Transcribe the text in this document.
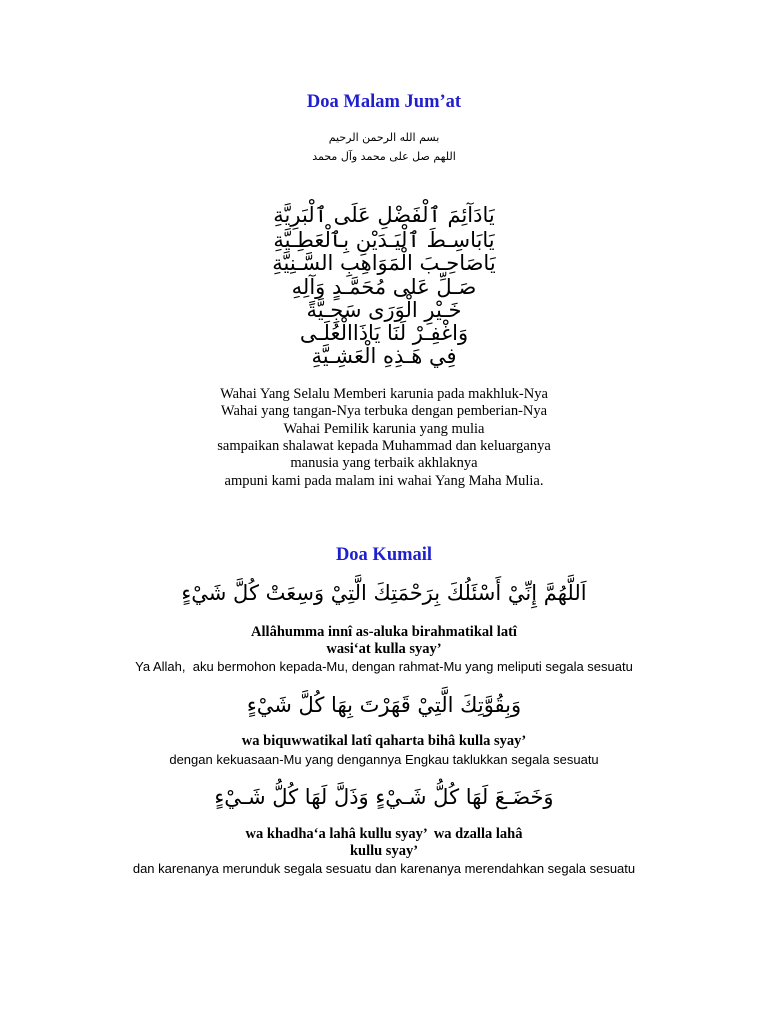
Doa Malam Jum’at

بسم الله الرحمن الرحيم

اللهم صل على محمد وآل محمد

يَادَآئِمَ ٱلْفَضْلِ عَلَى ٱلْبَرِيَّةِ

يَابَاسِـطَ ٱلْيَـدَيْنِ بِٱلْعَطِـيَّةِ

يَاصَاحِـبَ الْمَوَاهِبِ السَّـنِيَّةِ

صَـلِّ عَلى مُحَمَّـدٍ وَآلِهِ

خَـيْرِ الْوَرَى سَجِـيَّةً

وَاغْفِـرْ لَنَا يَاذَاالْعُلَـى

فِي هَـذِهِ الْعَشِـيَّةِ

Wahai Yang Selalu Memberi karunia pada makhluk-Nya

Wahai yang tangan-Nya terbuka dengan pemberian-Nya

Wahai Pemilik karunia yang mulia

sampaikan shalawat kepada Muhammad dan keluarganya

manusia yang terbaik akhlaknya

ampuni kami pada malam ini wahai Yang Maha Mulia.

Doa Kumail

اَللَّهُمَّ إِنِّيْ أَسْئَلُكَ بِرَحْمَتِكَ الَّتِيْ وَسِعَتْ كُلَّ شَيْءٍ

Allâhumma innî as-aluka birahmatikal latî

wasi‘at kulla syay’

Ya Allah,  aku bermohon kepada-Mu, dengan rahmat-Mu yang meliputi segala sesuatu

وَبِقُوَّتِكَ الَّتِيْ قَهَرْتَ بِهَا كُلَّ شَيْءٍ

wa biquwwatikal latî qaharta bihâ kulla syay’

dengan kekuasaan-Mu yang dengannya Engkau taklukkan segala sesuatu

وَخَضَـعَ لَهَا كُلُّ شَـيْءٍ وَذَلَّ لَهَا كُلُّ شَـيْءٍ

wa khadha‘a lahâ kullu syay’  wa dzalla lahâ

kullu syay’

dan karenanya merunduk segala sesuatu dan karenanya merendahkan segala sesuatu
